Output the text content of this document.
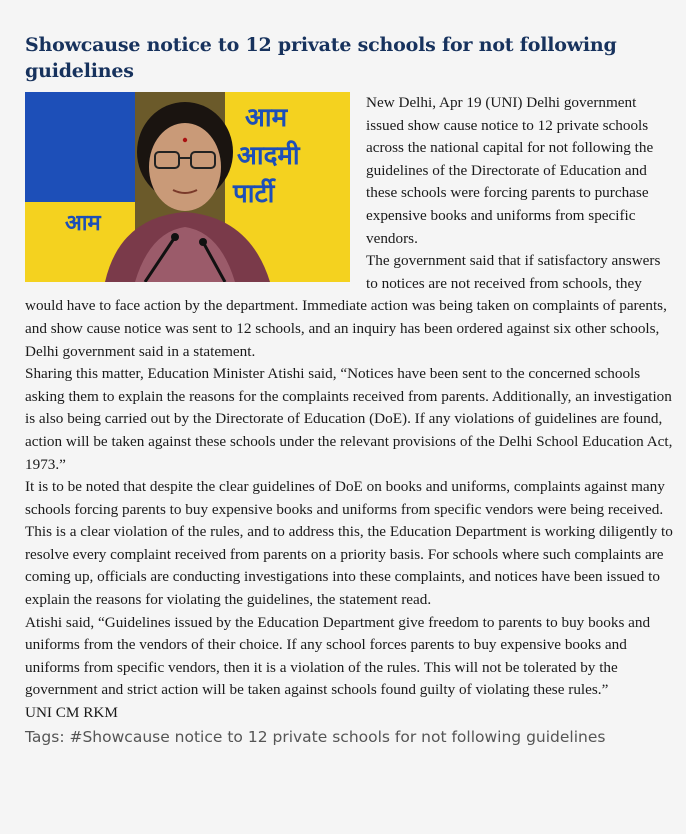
Showcause notice to 12 private schools for not following guidelines
आम
आदमी
पार्टी
आम

New Delhi, Apr 19 (UNI) Delhi government issued show cause notice to 12 private schools across the national capital for not following the guidelines of the Directorate of Education and these schools were forcing parents to purchase expensive books and uniforms from specific vendors.

The government said that if satisfactory answers to notices are not received from schools, they would have to face action by the department. Immediate action was being taken on complaints of parents, and show cause notice was sent to 12 schools, and an inquiry has been ordered against six other schools, Delhi government said in a statement.

Sharing this matter, Education Minister Atishi said, “Notices have been sent to the concerned schools asking them to explain the reasons for the complaints received from parents. Additionally, an investigation is also being carried out by the Directorate of Education (DoE). If any violations of guidelines are found, action will be taken against these schools under the relevant provisions of the Delhi School Education Act, 1973.”

It is to be noted that despite the clear guidelines of DoE on books and uniforms, complaints against many schools forcing parents to buy expensive books and uniforms from specific vendors were being received. This is a clear violation of the rules, and to address this, the Education Department is working diligently to resolve every complaint received from parents on a priority basis. For schools where such complaints are coming up, officials are conducting investigations into these complaints, and notices have been issued to explain the reasons for violating the guidelines, the statement read.

Atishi said, “Guidelines issued by the Education Department give freedom to parents to buy books and uniforms from the vendors of their choice. If any school forces parents to buy expensive books and uniforms from specific vendors, then it is a violation of the rules. This will not be tolerated by the government and strict action will be taken against schools found guilty of violating these rules.”

UNI CM RKM

Tags: #Showcause notice to 12 private schools for not following guidelines
